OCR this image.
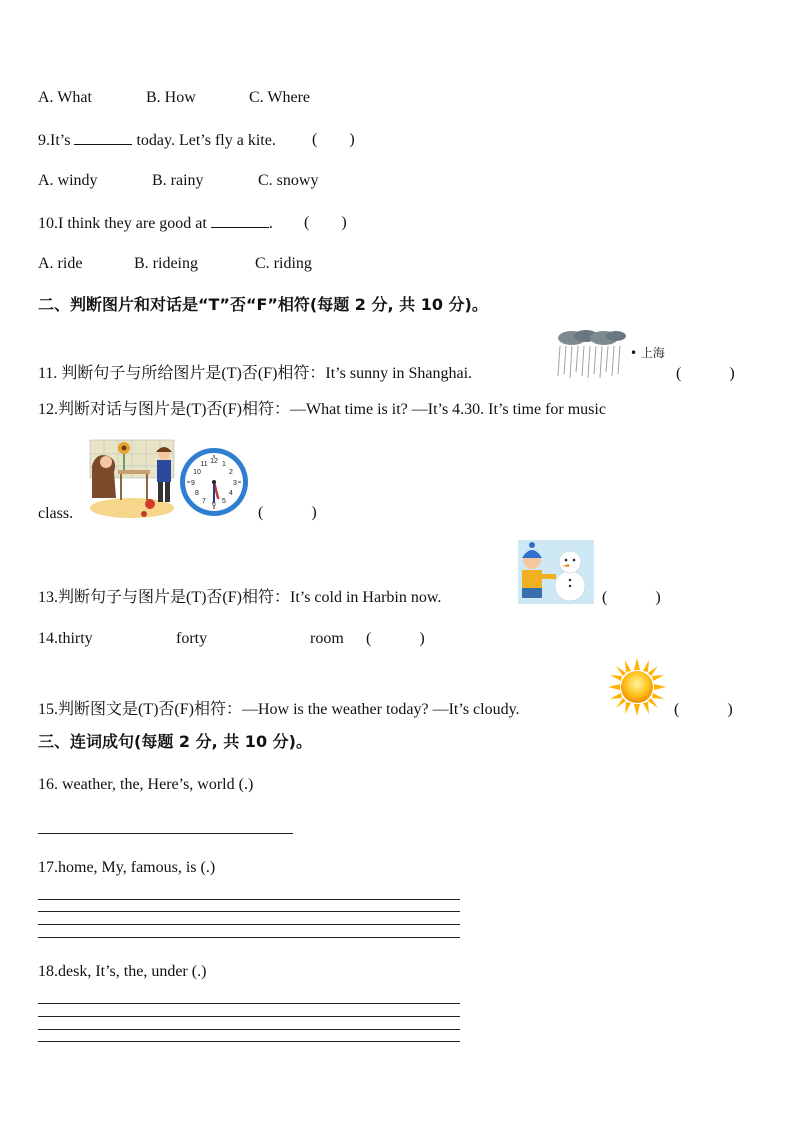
A. What	B. How	C. Where
9.It’s	today. Let’s fly a kite. (        )
A. windy	B. rainy	C. snowy
10.I think they are good at	. (        )
A. ride	B. rideing	C. riding
二、判断图片和对话是“T”否“F”相符(每题 2 分, 共 10 分)。
11. 判断句子与所给图片是(T)否(F)相符：It’s sunny in Shanghai.
• 上海
(            )
12.判断对话与图片是(T)否(F)相符：—What time is it? —It’s 4.30. It’s time for music
12 1
2
3
4
5
6
7
8
9
10
11
class.	(            )
13.判断句子与图片是(T)否(F)相符：It’s cold in Harbin now.	(            )
14.thirty	forty	room (            )
15.判断图文是(T)否(F)相符：—How is the weather today? —It’s cloudy.	(            )
三、连词成句(每题 2 分, 共 10 分)。
16. weather, the, Here’s, world (.)
17.home, My, famous, is (.)
18.desk, It’s, the, under (.)
